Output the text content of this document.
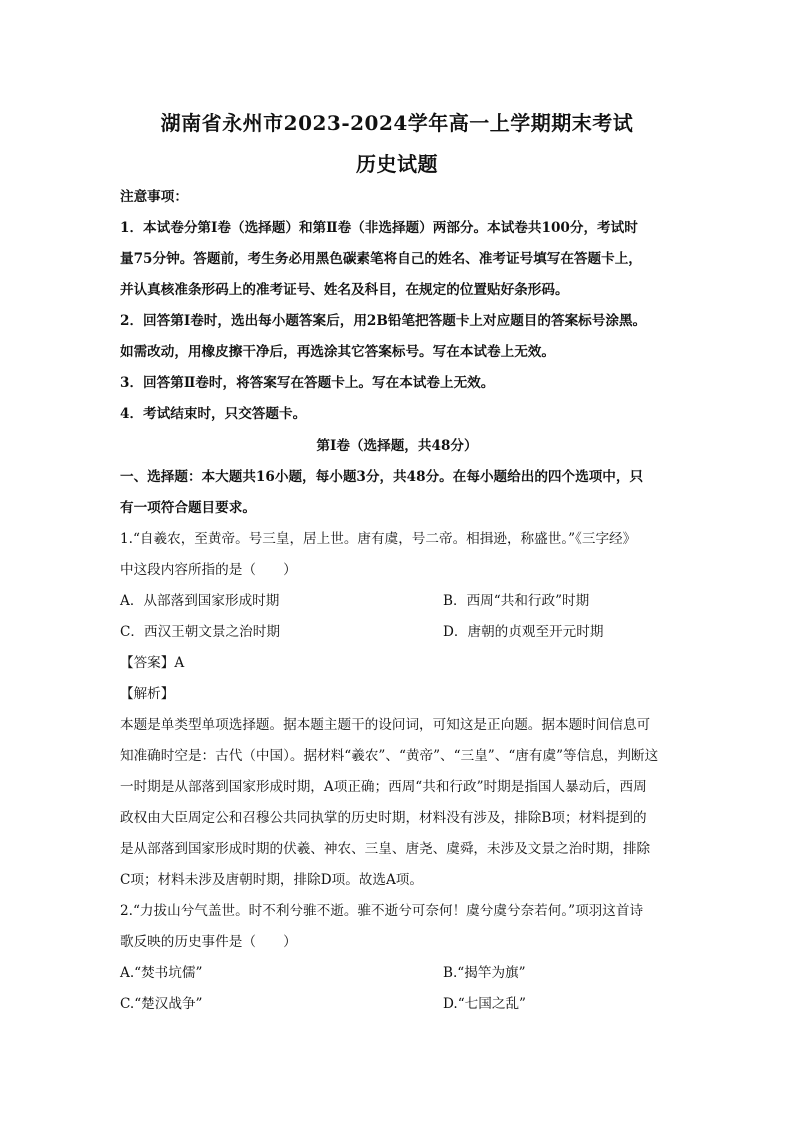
湖南省永州市2023-2024学年高一上学期期末考试
历史试题
注意事项：
1．本试卷分第Ⅰ卷（选择题）和第Ⅱ卷（非选择题）两部分。本试卷共100分，考试时
量75分钟。答题前，考生务必用黑色碳素笔将自己的姓名、准考证号填写在答题卡上，
并认真核准条形码上的准考证号、姓名及科目，在规定的位置贴好条形码。
2．回答第Ⅰ卷时，选出每小题答案后，用2B铅笔把答题卡上对应题目的答案标号涂黑。
如需改动，用橡皮擦干净后，再选涂其它答案标号。写在本试卷上无效。
3．回答第Ⅱ卷时，将答案写在答题卡上。写在本试卷上无效。
4．考试结束时，只交答题卡。
第Ⅰ卷（选择题，共48分）
一、选择题：本大题共16小题，每小题3分，共48分。在每小题给出的四个选项中，只
有一项符合题目要求。
1.“自羲农，至黄帝。号三皇，居上世。唐有虞，号二帝。相揖逊，称盛世。”《三字经》
中这段内容所指的是（　　）
A．从部落到国家形成时期	B．西周“共和行政”时期
C．西汉王朝文景之治时期	D．唐朝的贞观至开元时期
【答案】A
【解析】
本题是单类型单项选择题。据本题主题干的设问词，可知这是正向题。据本题时间信息可
知准确时空是：古代（中国）。据材料“羲农”、“黄帝”、“三皇”、“唐有虞”等信息，判断这
一时期是从部落到国家形成时期，A项正确；西周“共和行政”时期是指国人暴动后，西周
政权由大臣周定公和召穆公共同执掌的历史时期，材料没有涉及，排除B项；材料提到的
是从部落到国家形成时期的伏羲、神农、三皇、唐尧、虞舜，未涉及文景之治时期，排除
C项；材料未涉及唐朝时期，排除D项。故选A项。
2.“力拔山兮气盖世。时不利兮骓不逝。骓不逝兮可奈何！虞兮虞兮奈若何。”项羽这首诗
歌反映的历史事件是（　　）
A.“焚书坑儒”	B.“揭竿为旗”
C.“楚汉战争”	D.“七国之乱”
